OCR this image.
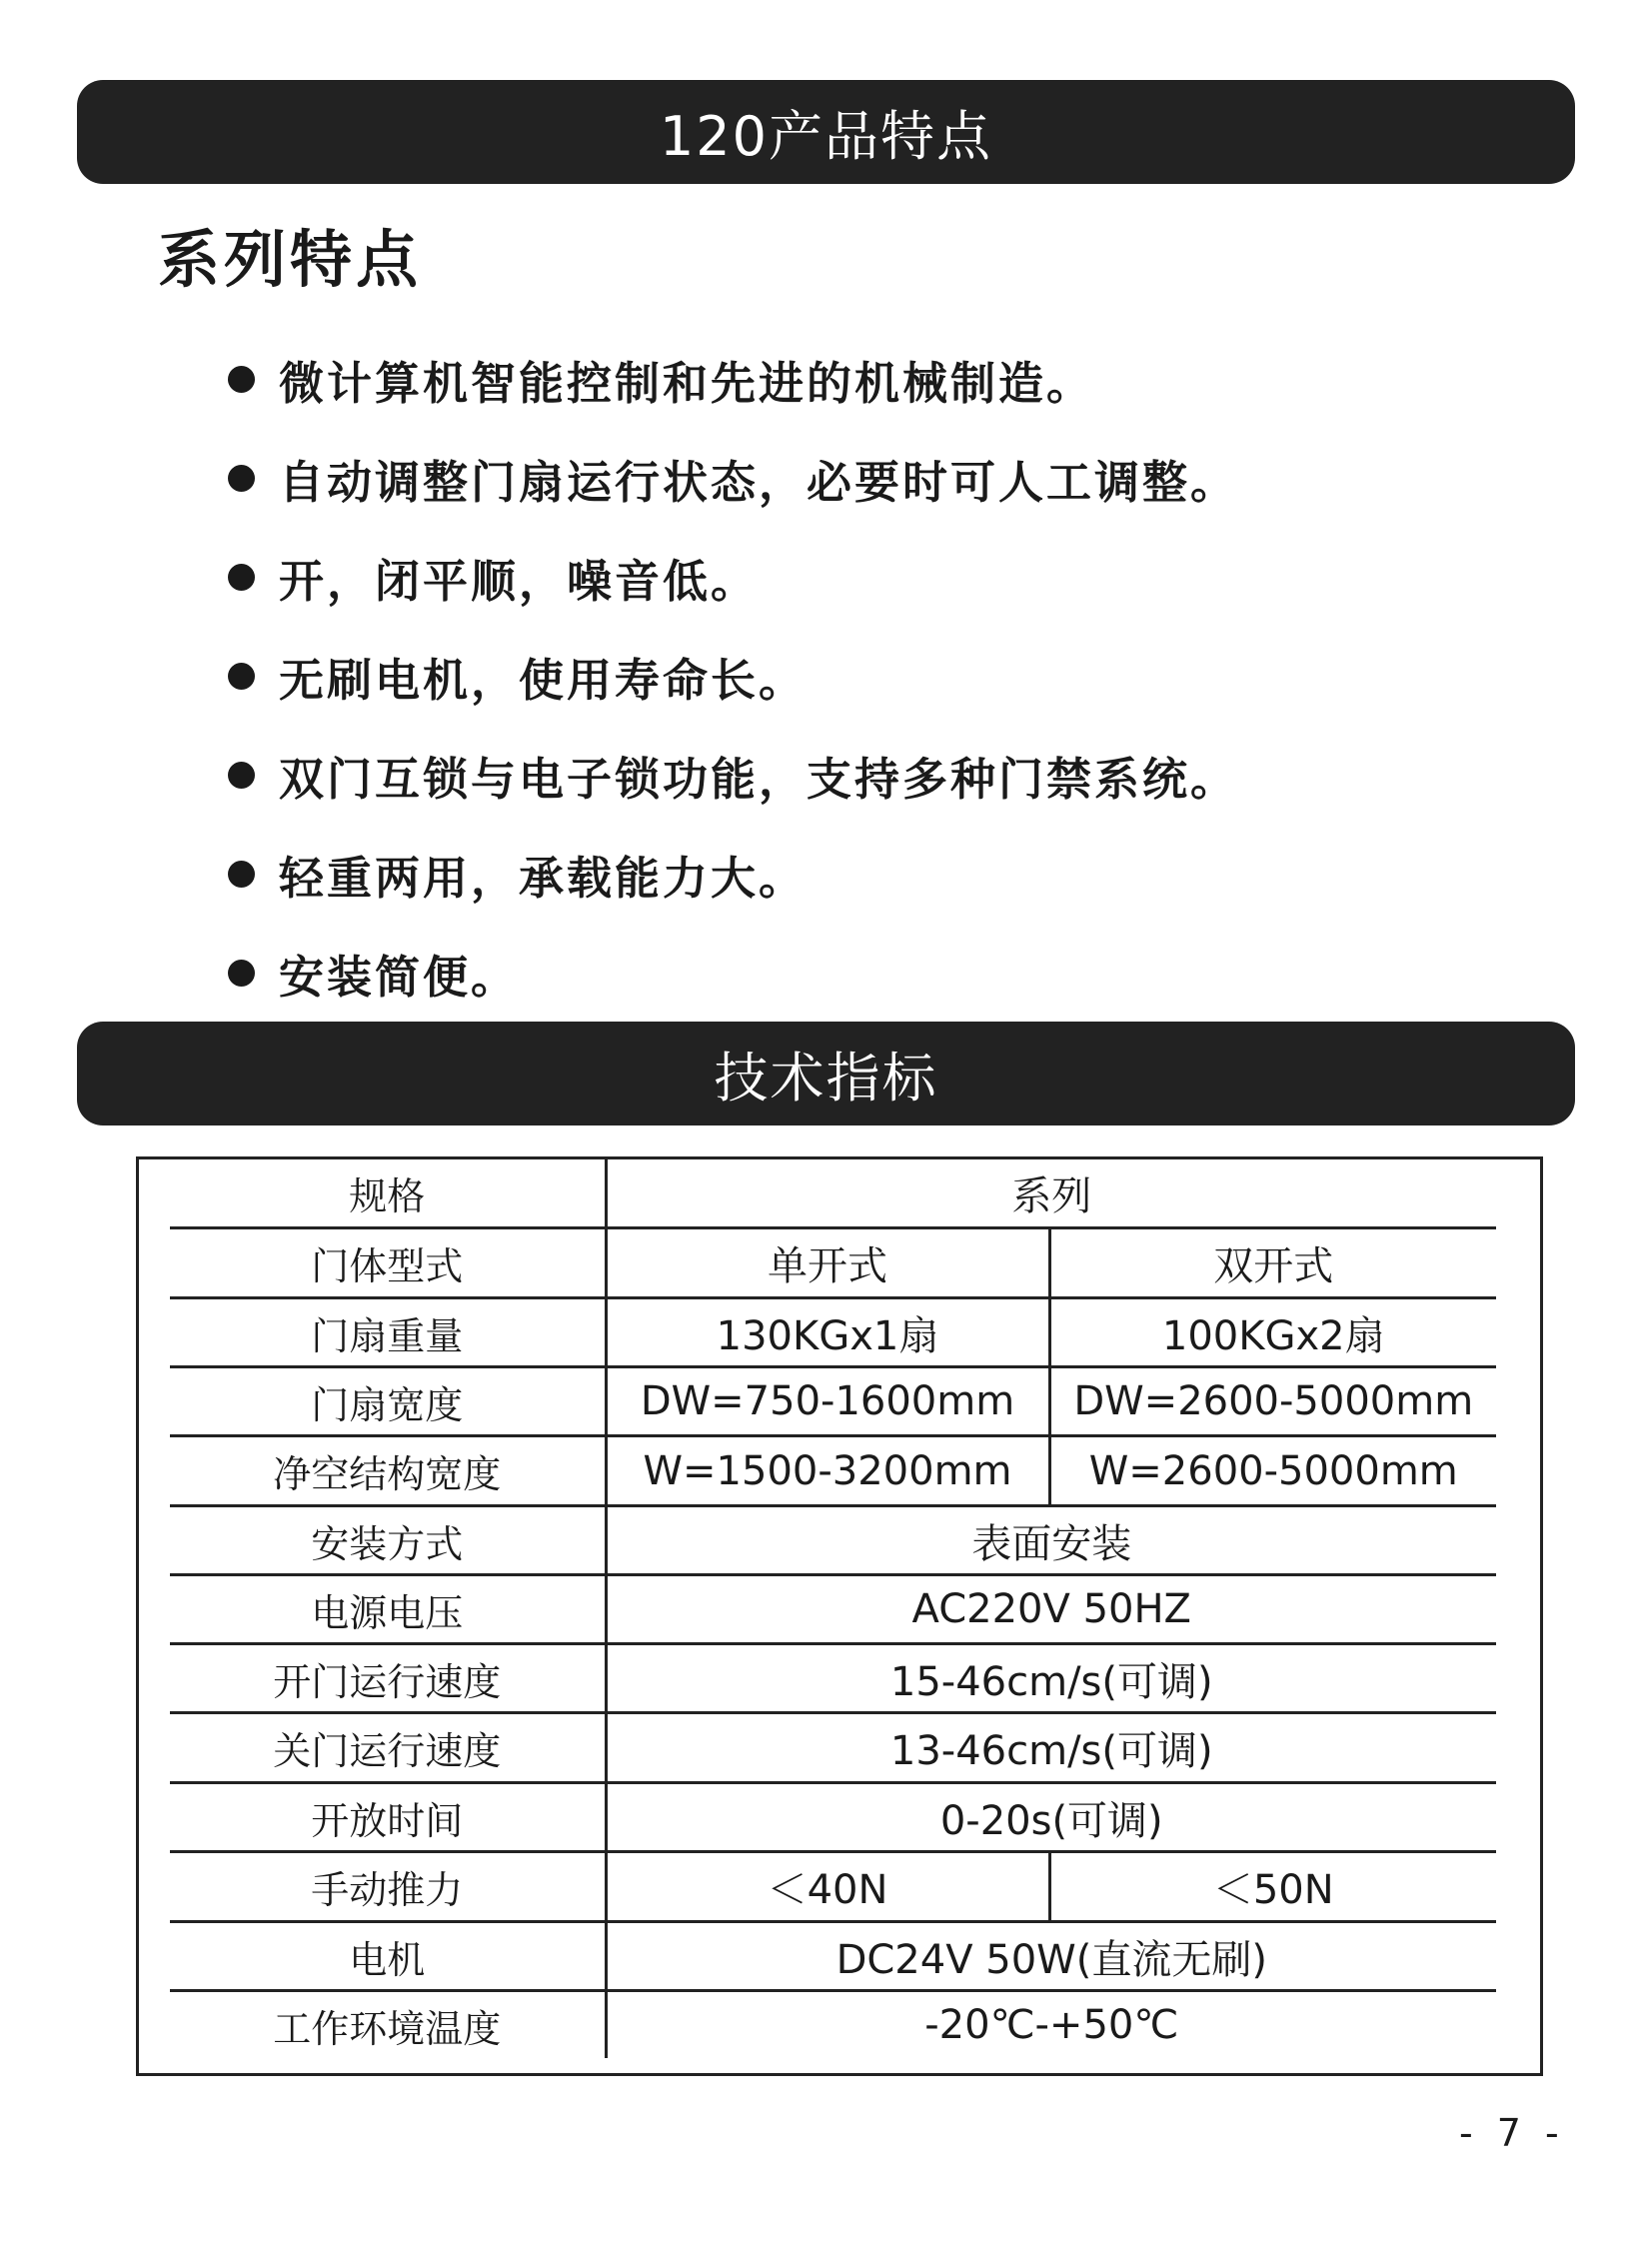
120产品特点
系列特点
微计算机智能控制和先进的机械制造。
自动调整门扇运行状态，必要时可人工调整。
开，闭平顺，噪音低。
无刷电机，使用寿命长。
双门互锁与电子锁功能，支持多种门禁系统。
轻重两用，承载能力大。
安装简便。
技术指标
规格	系列	
门体型式	单开式	双开式
门扇重量	130KGx1扇	100KGx2扇
门扇宽度	DW=750-1600mm	DW=2600-5000mm
净空结构宽度	W=1500-3200mm	W=2600-5000mm
安装方式	表面安装	
电源电压	AC220V 50HZ	
开门运行速度	15-46cm/s(可调)	
关门运行速度	13-46cm/s(可调)	
开放时间	0-20s(可调)	
手动推力	＜40N	＜50N
电机	DC24V 50W(直流无刷)	
工作环境温度	-20℃-+50℃	
- 7 -
